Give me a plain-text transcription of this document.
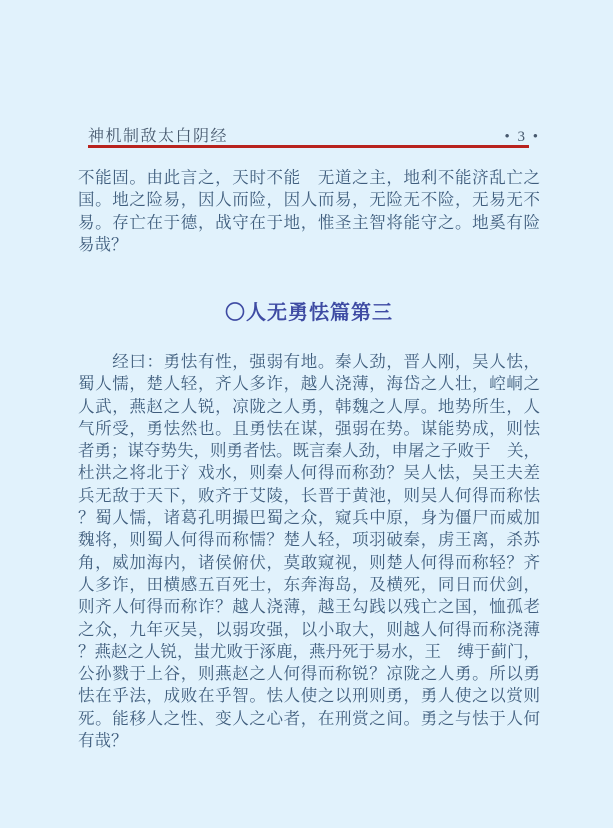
神机制敌太白阴经	• 3 •
不能固。由此言之，天时不能　无道之主，地利不能济乱亡之
国。地之险易，因人而险，因人而易，无险无不险，无易无不
易。存亡在于德，战守在于地，惟圣主智将能守之。地奚有险
易哉？
〇人无勇怯篇第三
　　经曰：勇怯有性，强弱有地。秦人劲，晋人刚，吴人怯，
蜀人懦，楚人轻，齐人多诈，越人浇薄，海岱之人壮，崆峒之
人武，燕赵之人锐，凉陇之人勇，韩魏之人厚。地势所生，人
气所受，勇怯然也。且勇怯在谋，强弱在势。谋能势成，则怯
者勇；谋夺势失，则勇者怯。既言秦人劲，申屠之子败于　关，
杜洪之将北于氵戏水，则秦人何得而称劲？吴人怯，吴王夫差
兵无敌于天下，败齐于艾陵，长晋于黄池，则吴人何得而称怯
？蜀人懦，诸葛孔明撮巴蜀之众，窥兵中原，身为僵尸而威加
魏将，则蜀人何得而称懦？楚人轻，项羽破秦，虏王离，杀苏
角，威加海内，诸侯俯伏，莫敢窥视，则楚人何得而称轻？齐
人多诈，田横感五百死士，东奔海岛，及横死，同日而伏剑，
则齐人何得而称诈？越人浇薄，越王勾践以残亡之国，恤孤老
之众，九年灭吴，以弱攻强，以小取大，则越人何得而称浇薄
？燕赵之人锐，蚩尤败于涿鹿，燕丹死于易水，王　缚于蓟门，
公孙戮于上谷，则燕赵之人何得而称锐？凉陇之人勇。所以勇
怯在乎法，成败在乎智。怯人使之以刑则勇，勇人使之以赏则
死。能移人之性、变人之心者，在刑赏之间。勇之与怯于人何
有哉？
